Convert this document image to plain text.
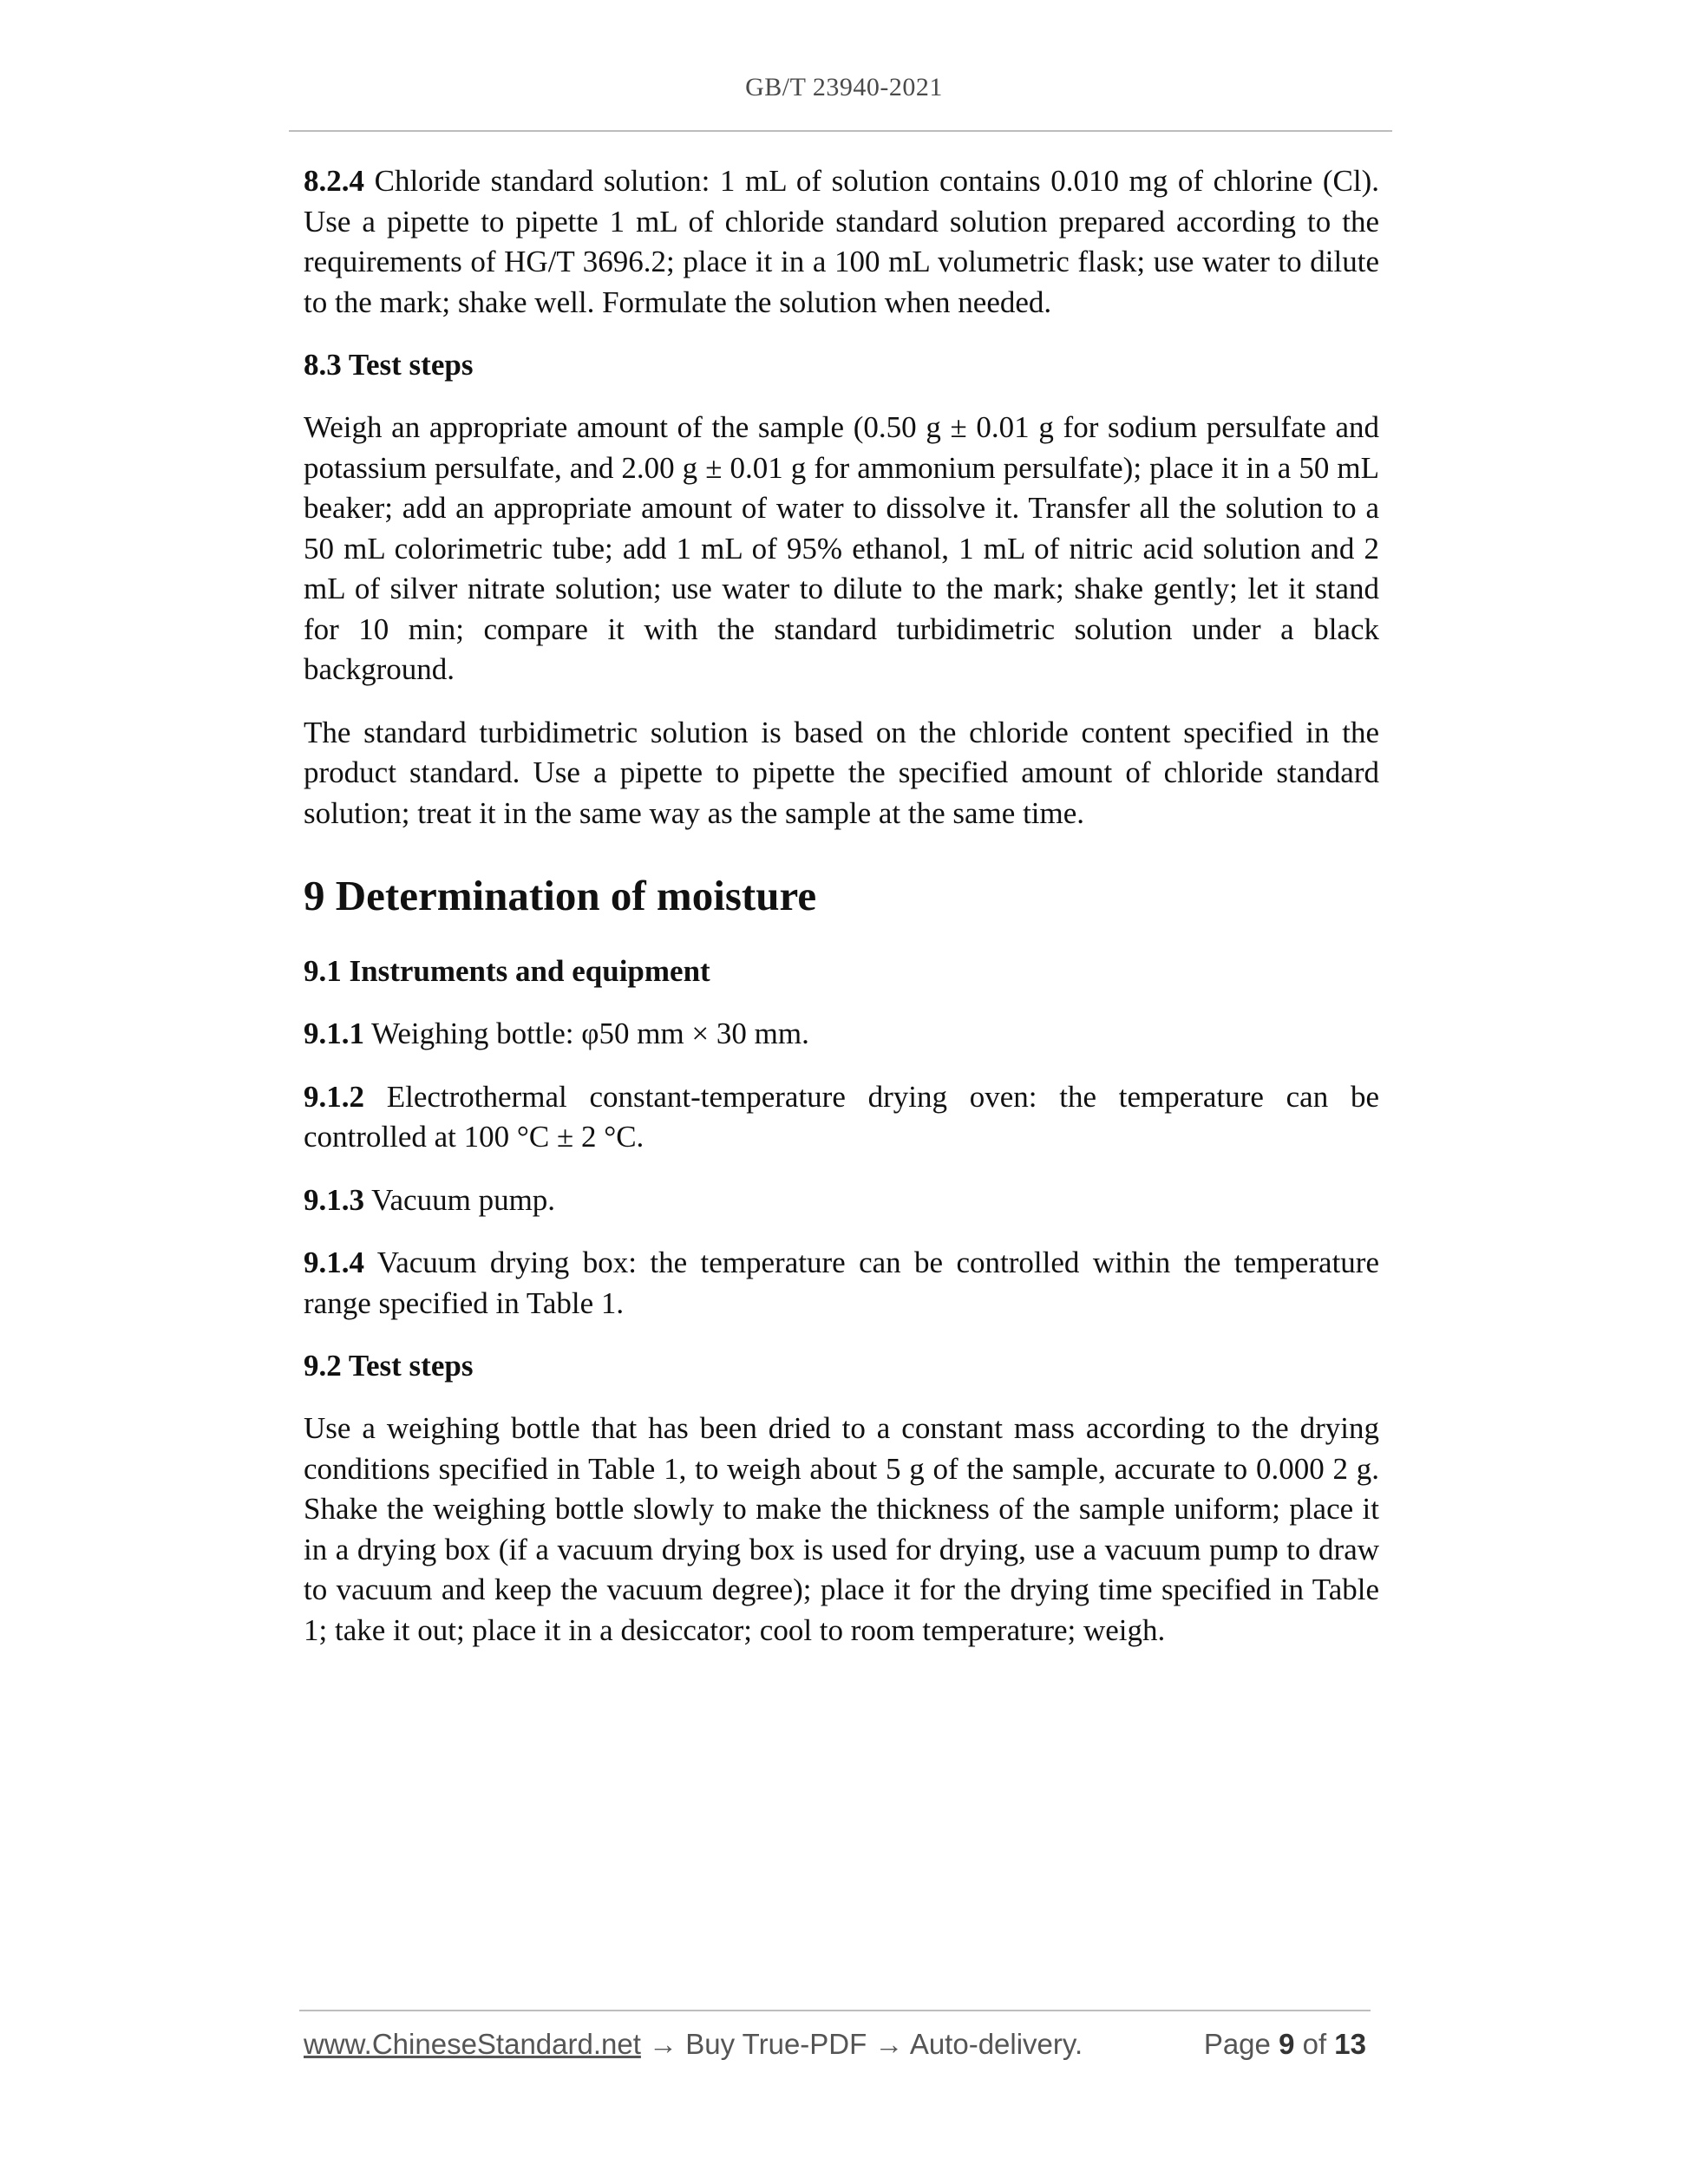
GB/T 23940-2021

8.2.4 Chloride standard solution: 1 mL of solution contains 0.010 mg of chlorine (Cl). Use a pipette to pipette 1 mL of chloride standard solution prepared according to the requirements of HG/T 3696.2; place it in a 100 mL volumetric flask; use water to dilute to the mark; shake well. Formulate the solution when needed.

8.3 Test steps

Weigh an appropriate amount of the sample (0.50 g ± 0.01 g for sodium persulfate and potassium persulfate, and 2.00 g ± 0.01 g for ammonium persulfate); place it in a 50 mL beaker; add an appropriate amount of water to dissolve it. Transfer all the solution to a 50 mL colorimetric tube; add 1 mL of 95% ethanol, 1 mL of nitric acid solution and 2 mL of silver nitrate solution; use water to dilute to the mark; shake gently; let it stand for 10 min; compare it with the standard turbidimetric solution under a black background.

The standard turbidimetric solution is based on the chloride content specified in the product standard. Use a pipette to pipette the specified amount of chloride standard solution; treat it in the same way as the sample at the same time.

9 Determination of moisture
9.1 Instruments and equipment

9.1.1 Weighing bottle: φ50 mm × 30 mm.

9.1.2 Electrothermal constant-temperature drying oven: the temperature can be controlled at 100 °C ± 2 °C.

9.1.3 Vacuum pump.

9.1.4 Vacuum drying box: the temperature can be controlled within the temperature range specified in Table 1.

9.2 Test steps

Use a weighing bottle that has been dried to a constant mass according to the drying conditions specified in Table 1, to weigh about 5 g of the sample, accurate to 0.000 2 g. Shake the weighing bottle slowly to make the thickness of the sample uniform; place it in a drying box (if a vacuum drying box is used for drying, use a vacuum pump to draw to vacuum and keep the vacuum degree); place it for the drying time specified in Table 1; take it out; place it in a desiccator; cool to room temperature; weigh.

www.ChineseStandard.net → Buy True-PDF → Auto-delivery.	Page 9 of 13
